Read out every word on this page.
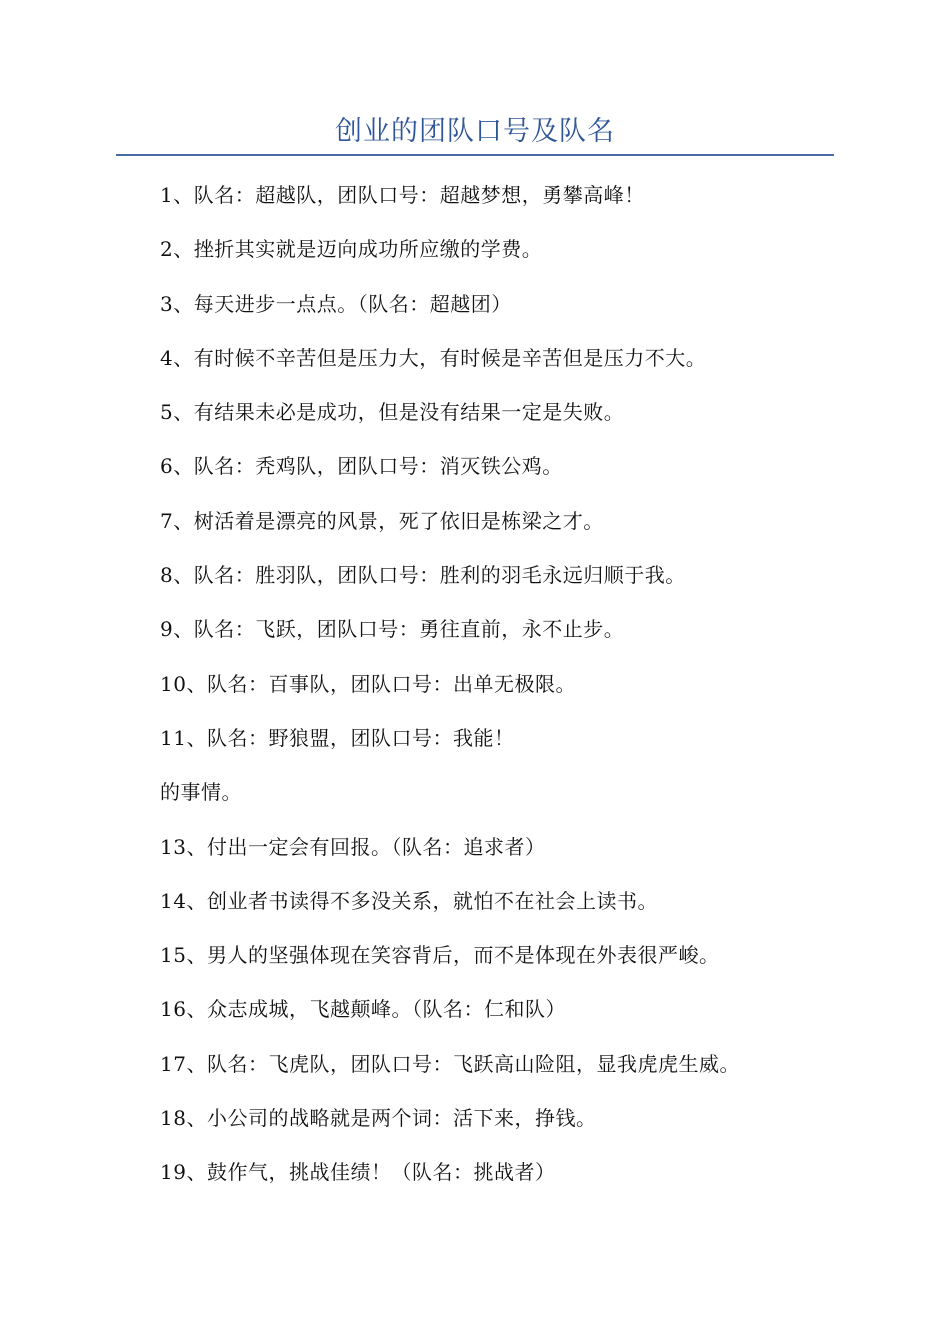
创业的团队口号及队名
1、队名：超越队，团队口号：超越梦想，勇攀高峰！
2、挫折其实就是迈向成功所应缴的学费。
3、每天进步一点点。（队名：超越团）
4、有时候不辛苦但是压力大，有时候是辛苦但是压力不大。
5、有结果未必是成功，但是没有结果一定是失败。
6、队名：秃鸡队，团队口号：消灭铁公鸡。
7、树活着是漂亮的风景，死了依旧是栋梁之才。
8、队名：胜羽队，团队口号：胜利的羽毛永远归顺于我。
9、队名：飞跃，团队口号：勇往直前，永不止步。
10、队名：百事队，团队口号：出单无极限。
11、队名：野狼盟，团队口号：我能！
的事情。
13、付出一定会有回报。（队名：追求者）
14、创业者书读得不多没关系，就怕不在社会上读书。
15、男人的坚强体现在笑容背后，而不是体现在外表很严峻。
16、众志成城，飞越颠峰。（队名：仁和队）
17、队名：飞虎队，团队口号：飞跃高山险阻，显我虎虎生威。
18、小公司的战略就是两个词：活下来，挣钱。
19、鼓作气，挑战佳绩！（队名：挑战者）
